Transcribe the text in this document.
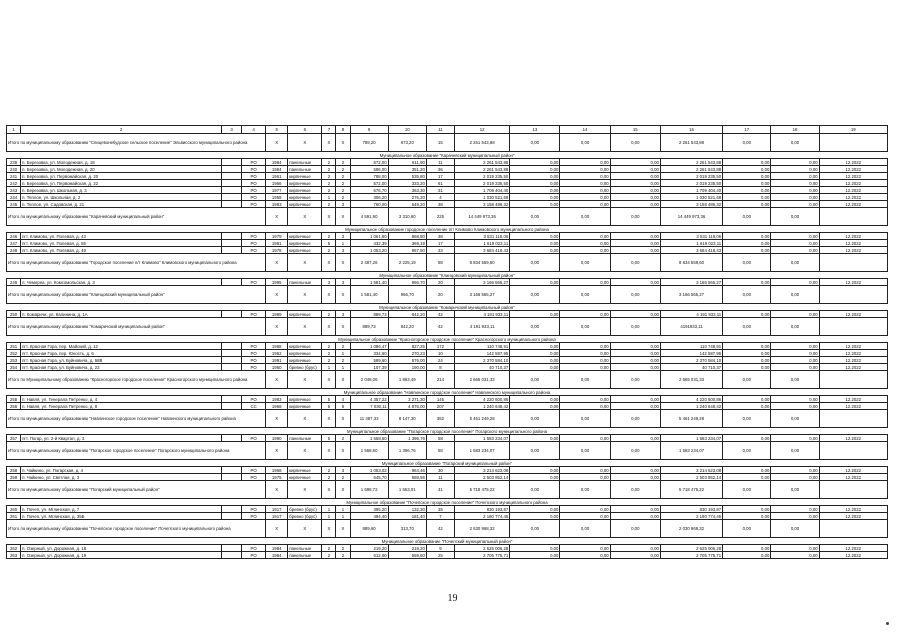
1	2	3	4	5	6	7	8	9	10	11	12	13	14	15	16	17	18	19
Итого по муниципальному образованию "Спицевонебудское сельское поселение" Эльвисского муниципального района				X	X	X	X	789,20	673,20	15	2 261 543,88	0,00	0,00	0,00	2 261 543,88	0,00	0,00	
Муниципальное образование "Карачевский муниципальный район"																		
239	п. Березовка, ул. Молодежная, д. 18		PO	1984	панельные	2	2	572,00	611,90	11	2 261 543,88	0,00	0,00	0,00	2 261 543,88	0,00	0,00	12.2022
240	п. Березовка, ул. Молодежная, д. 20		PO	1984	панельные	2	2	586,00	351,20	36	2 261 543,88	0,00	0,00	0,00	2 261 543,88	0,00	0,00	12.2022
241	п. Березовка, ул. Первомайская, д. 20		PO	1961	кирпичные	2	2	788,00	535,80	17	2 019 235,50	0,00	0,00	0,00	2 019 235,50	0,00	0,00	12.2022
242	п. Березовка, ул. Первомайская, д. 22		PO	1966	кирпичные	2	2	572,00	333,20	61	2 019 235,50	0,00	0,00	0,00	2 019 235,50	0,00	0,00	12.2022
243	п. Березовка, ул. Школьная, д. 3		PO	1977	кирпичные	2	2	676,70	363,30	31	1 709 404,40	0,00	0,00	0,00	1 709 404,40	0,00	0,00	12.2022
244	п. Теплое, ул. Школьная, д. 2		PO	1958	кирпичные	1	2	306,20	276,20	4	1 030 521,68	0,00	0,00	0,00	1 030 521,68	0,00	0,00	12.2022
245	п. Теплое, ул. Садовская, д. 21		PO	1983	кирпичные	2	3	760,00	649,20	38	3 158 486,32	0,00	0,00	0,00	3 158 486,32	0,00	0,00	12.2022
Итого по муниципальному образованию "Карачевский муниципальный район"				X	X	X	X	4 591,90	3 310,60	225	14 449 973,36	0,00	0,00	0,00	14 449 973,36	0,00	0,00	
Муниципальное образование городское поселение п/т Климово Климовского муниципального района																		
246	пгт. Климово, ул. Полевая, д. 43		PO	1979	кирпичные	2	3	1 061,80	868,50	38	3 531 118,06	0,00	0,00	0,00	3 531 118,06	0,00	0,00	12.2022
247	пгт. Климово, ул. Полевая, д. 55		PO	1981	кирпичные	5	1	432,39	369,19	17	1 619 023,11	0,00	0,00	0,00	1 619 023,11	0,00	0,00	12.2022
248	пгт. Климово, ул. Полевая, д. 49		PO	1978	кирпичные	2	3	1 053,20	967,50	33	3 684 418,43	0,00	0,00	0,00	3 684 418,43	0,00	0,00	12.2022
Итого по муниципальному образованию "Городское поселение п/т Климово" Климовского муниципального района				X	X	X	X	2 487,26	2 225,19	88	8 834 559,60	0,00	0,00	0,00	8 834 559,60	0,00	0,00	
Муниципальное образование "Клинцовский муниципальный район"																		
249	п. Чемерна, ул. Комсомольская, д. 3		PO	1995	панельные	3	3	1 581,40	966,70	20	3 166 565,27	0,00	0,00	0,00	3 166 565,27	0,00	0,00	12.2022
Итого по муниципальному образованию "Клинцовский муниципальный район"				X	X	X	X	1 581,40	966,70	20	3 166 565,27	0,00	0,00	0,00	3 166 565,27	0,00	0,00	
Муниципальное образование "Комаричский муниципальный район"																		
250	п. Комаричи, ул. Калинина, д. 1А		PO	1989	кирпичные	2	3	889,73	842,20	42	4 191 933,11	0,00	0,00	0,00	4 191 933,11	0,00	0,00	12.2022
Итого по муниципальному образованию "Комаричский муниципальный район"				X	X	X	X	889,73	842,20	42	4 191 933,11	0,00	0,00	0,00	4191933,11	0,00	0,00	
Муниципальное образование "Красногорское городское поселение" Красногорского муниципального района																		
251	пгт. Красная Гора, пер. Майский, д. 12		PO	1988	кирпичные	2	2	1 086,47	827,25	172	110 748,91	0,00	0,00	0,00	110 748,91	0,00	0,00	12.2022
252	пгт. Красная Гора, пер. Юность, д. 6		PO	1962	кирпичные	2	1	334,60	270,23	10	142 587,95	0,00	0,00	0,00	142 587,95	0,00	0,00	12.2022
253	пгт. Красная Гора, ул. Буйновича, д. 58В		PO	1991	кирпичные	2	2	589,60	576,00	24	2 370 584,10	0,00	0,00	0,00	2 370 584,10	0,00	0,00	12.2022
254	пгт. Красная Гора, ул. Буйновича, д. 23		PO	1960	бревно (брус)	1	1	107,39	190,00	8	40 710,37	0,00	0,00	0,00	40 710,37	0,00	0,00	12.2022
Итого по Муниципальному образованию "Красногорское городское поселение" Красногорского муниципального района				X	X	X	X	2 048,06	1 863,49	214	2 665 031,33	0,00	0,00	0,00	2 665 031,33	0,00	0,00	
Муниципальное образование "Навлинское городское поселение" Навлинского муниципального района																		
255	п. Навля, ул. Генерала Петренко, д. 4		PO	1983	кирпичные	5	4	4 357,22	3 271,30	145	4 220 600,86	0,00	0,00	0,00	4 220 600,86	0,00	0,00	12.2022
256	п. Навля, ул. Генерала Петренко, д. 8		CC	1968	кирпичные	5	6	7 030,11	4 876,00	207	1 240 648,42	0,00	0,00	0,00	1 240 648,42	0,00	0,00	12.2022
Итого по муниципальному образованию "Навлинское городское поселение" Навлинского муниципального района				X	X	X	X	11 387,33	8 147,30	352	5 461 249,28	0,00	0,00	0,00	5 461 249,28	0,00	0,00	
Муниципальное образование "Погарское городское поселение" Погарского муниципального района																		
257	пгт. Погар, ул. 2-й Квартал, д. 3		PO	1990	панельные	5	2	1 558,60	1 396,76	58	1 583 234,07	0,00	0,00	0,00	1 583 234,07	0,00	0,00	12.2022
Итого по муниципальному образованию "Погарское городское поселение" Погарского муниципального района				X	X	X	X	1 558,60	1 396,76	58	1 583 234,07	0,00	0,00	0,00	1 583 234,07	0,00	0,00	
Муниципальное образование "Погарский муниципальный район"																		
258	п. Чайкино, ул. Погарская, д. 4		PO	1968	кирпичные	2	3	1 053,02	964,46	30	3 214 623,08	0,00	0,00	0,00	3 214 623,08	0,00	0,00	12.2022
259	п. Чайкино, ул. Светлая, д. 3		PO	1975	кирпичные	2	2	645,70	588,55	11	2 503 852,14	0,00	0,00	0,00	2 503 852,14	0,00	0,00	12.2022
Итого по муниципальному образованию "Погарский муниципальный район"				X	X	X	X	1 698,72	1 553,01	41	5 718 475,22	0,00	0,00	0,00	5 718 475,22	0,00	0,00	
Муниципальное образование "Почепское городское поселение" Почепского муниципального района																		
260	п. Почеп, ул. Мглинская, д. 7		PO	1917	бревно (брус)	1	1	395,20	132,30	35	830 193,87	0,00	0,00	0,00	830 193,87	0,00	0,00	12.2022
261	п. Почеп, ул. Мглинская, д. 35Б		PO	1917	бревно (брус)	1	1	494,40	181,40	7	2 180 774,45	0,00	0,00	0,00	2 180 774,45	0,00	0,00	12.2022
Итого по муниципальному образованию "Почепское городское поселение" Почепского муниципального района				X	X	X	X	889,60	313,70	42	2 630 968,32	0,00	0,00	0,00	2 030 968,32	0,00	0,00	
Муниципальное образование "Почепский муниципальный район"																		
262	п. Озерный, ул. Дорожная, д. 18		PO	1984	панельные	2	2	219,20	219,20	9	2 625 006,28	0,00	0,00	0,00	2 625 006,28	0,00	0,00	12.2022
263	п. Озерный, ул. Дорожная, д. 19		PO	1984	панельные	2	2	612,00	559,60	25	2 705 775,71	0,00	0,00	0,00	2 705 775,71	0,00	0,00	12.2022
19
